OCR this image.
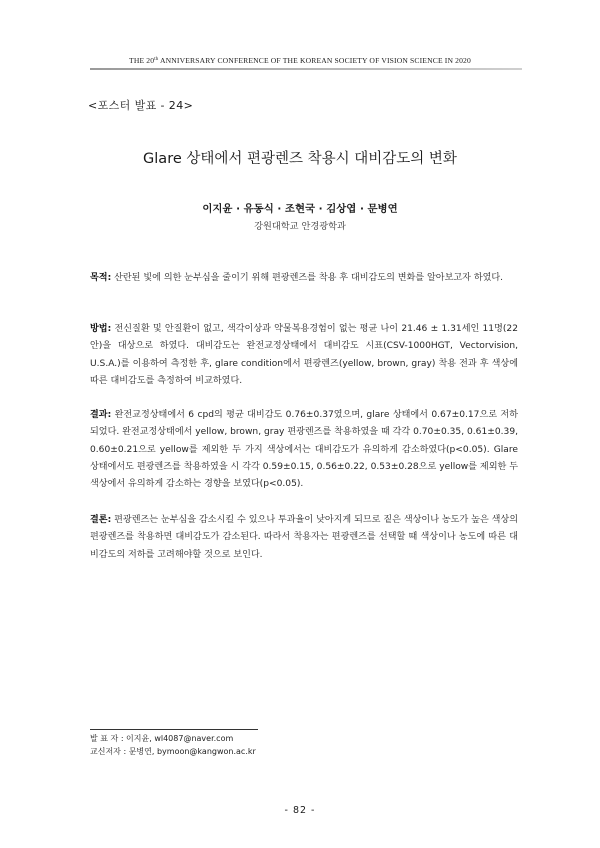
THE 20th ANNIVERSARY CONFERENCE OF THE KOREAN SOCIETY OF VISION SCIENCE IN 2020
<포스터 발표 - 24>
Glare 상태에서 편광렌즈 착용시 대비감도의 변화
이지윤 · 유동식 · 조현국 · 김상엽 · 문병연
강원대학교 안경광학과
목적: 산란된 빛에 의한 눈부심을 줄이기 위해 편광렌즈를 착용 후 대비감도의 변화를 알아보고자 하였다.
방법: 전신질환 및 안질환이 없고, 색각이상과 약물복용경험이 없는 평균 나이 21.46 ± 1.31세인 11명(22안)을 대상으로 하였다. 대비감도는 완전교정상태에서 대비감도 시표(CSV-1000HGT, Vectorvision, U.S.A.)를 이용하여 측정한 후, glare condition에서 편광렌즈(yellow, brown, gray) 착용 전과 후 색상에 따른 대비감도를 측정하여 비교하였다.
결과: 완전교정상태에서 6 cpd의 평균 대비감도 0.76±0.37였으며, glare 상태에서 0.67±0.17으로 저하되었다. 완전교정상태에서 yellow, brown, gray 편광렌즈를 착용하였을 때 각각 0.70±0.35, 0.61±0.39, 0.60±0.21으로 yellow를 제외한 두 가지 색상에서는 대비감도가 유의하게 감소하였다(p<0.05). Glare 상태에서도 편광렌즈를 착용하였을 시 각각 0.59±0.15, 0.56±0.22, 0.53±0.28으로 yellow를 제외한 두 색상에서 유의하게 감소하는 경향을 보였다(p<0.05).
결론: 편광렌즈는 눈부심을 감소시킬 수 있으나 투과율이 낮아지게 되므로 짙은 색상이나 농도가 높은 색상의 편광렌즈를 착용하면 대비감도가 감소된다. 따라서 착용자는 편광렌즈를 선택할 때 색상이나 농도에 따른 대비감도의 저하를 고려해야할 것으로 보인다.
발 표 자 : 이지윤, wl4087@naver.com
교신저자 : 문병연, bymoon@kangwon.ac.kr
- 82 -
